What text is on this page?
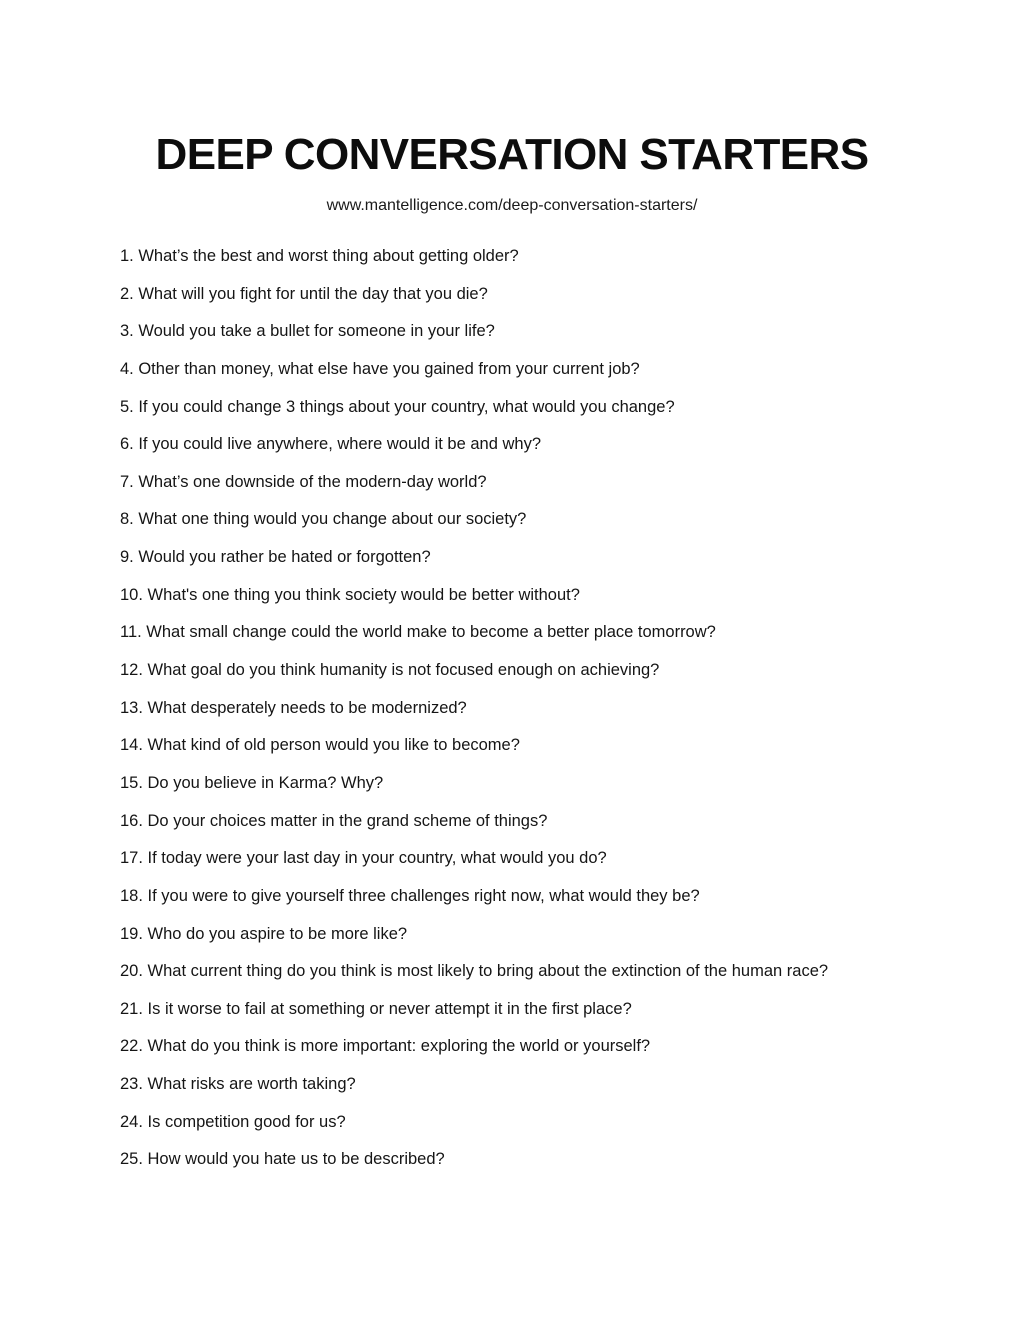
DEEP CONVERSATION STARTERS
www.mantelligence.com/deep-conversation-starters/
1. What’s the best and worst thing about getting older?
2. What will you fight for until the day that you die?
3. Would you take a bullet for someone in your life?
4. Other than money, what else have you gained from your current job?
5. If you could change 3 things about your country, what would you change?
6. If you could live anywhere, where would it be and why?
7. What’s one downside of the modern-day world?
8. What one thing would you change about our society?
9. Would you rather be hated or forgotten?
10. What's one thing you think society would be better without?
11. What small change could the world make to become a better place tomorrow?
12. What goal do you think humanity is not focused enough on achieving?
13. What desperately needs to be modernized?
14. What kind of old person would you like to become?
15. Do you believe in Karma? Why?
16. Do your choices matter in the grand scheme of things?
17. If today were your last day in your country, what would you do?
18. If you were to give yourself three challenges right now, what would they be?
19. Who do you aspire to be more like?
20. What current thing do you think is most likely to bring about the extinction of the human race?
21. Is it worse to fail at something or never attempt it in the first place?
22. What do you think is more important: exploring the world or yourself?
23. What risks are worth taking?
24. Is competition good for us?
25. How would you hate us to be described?
